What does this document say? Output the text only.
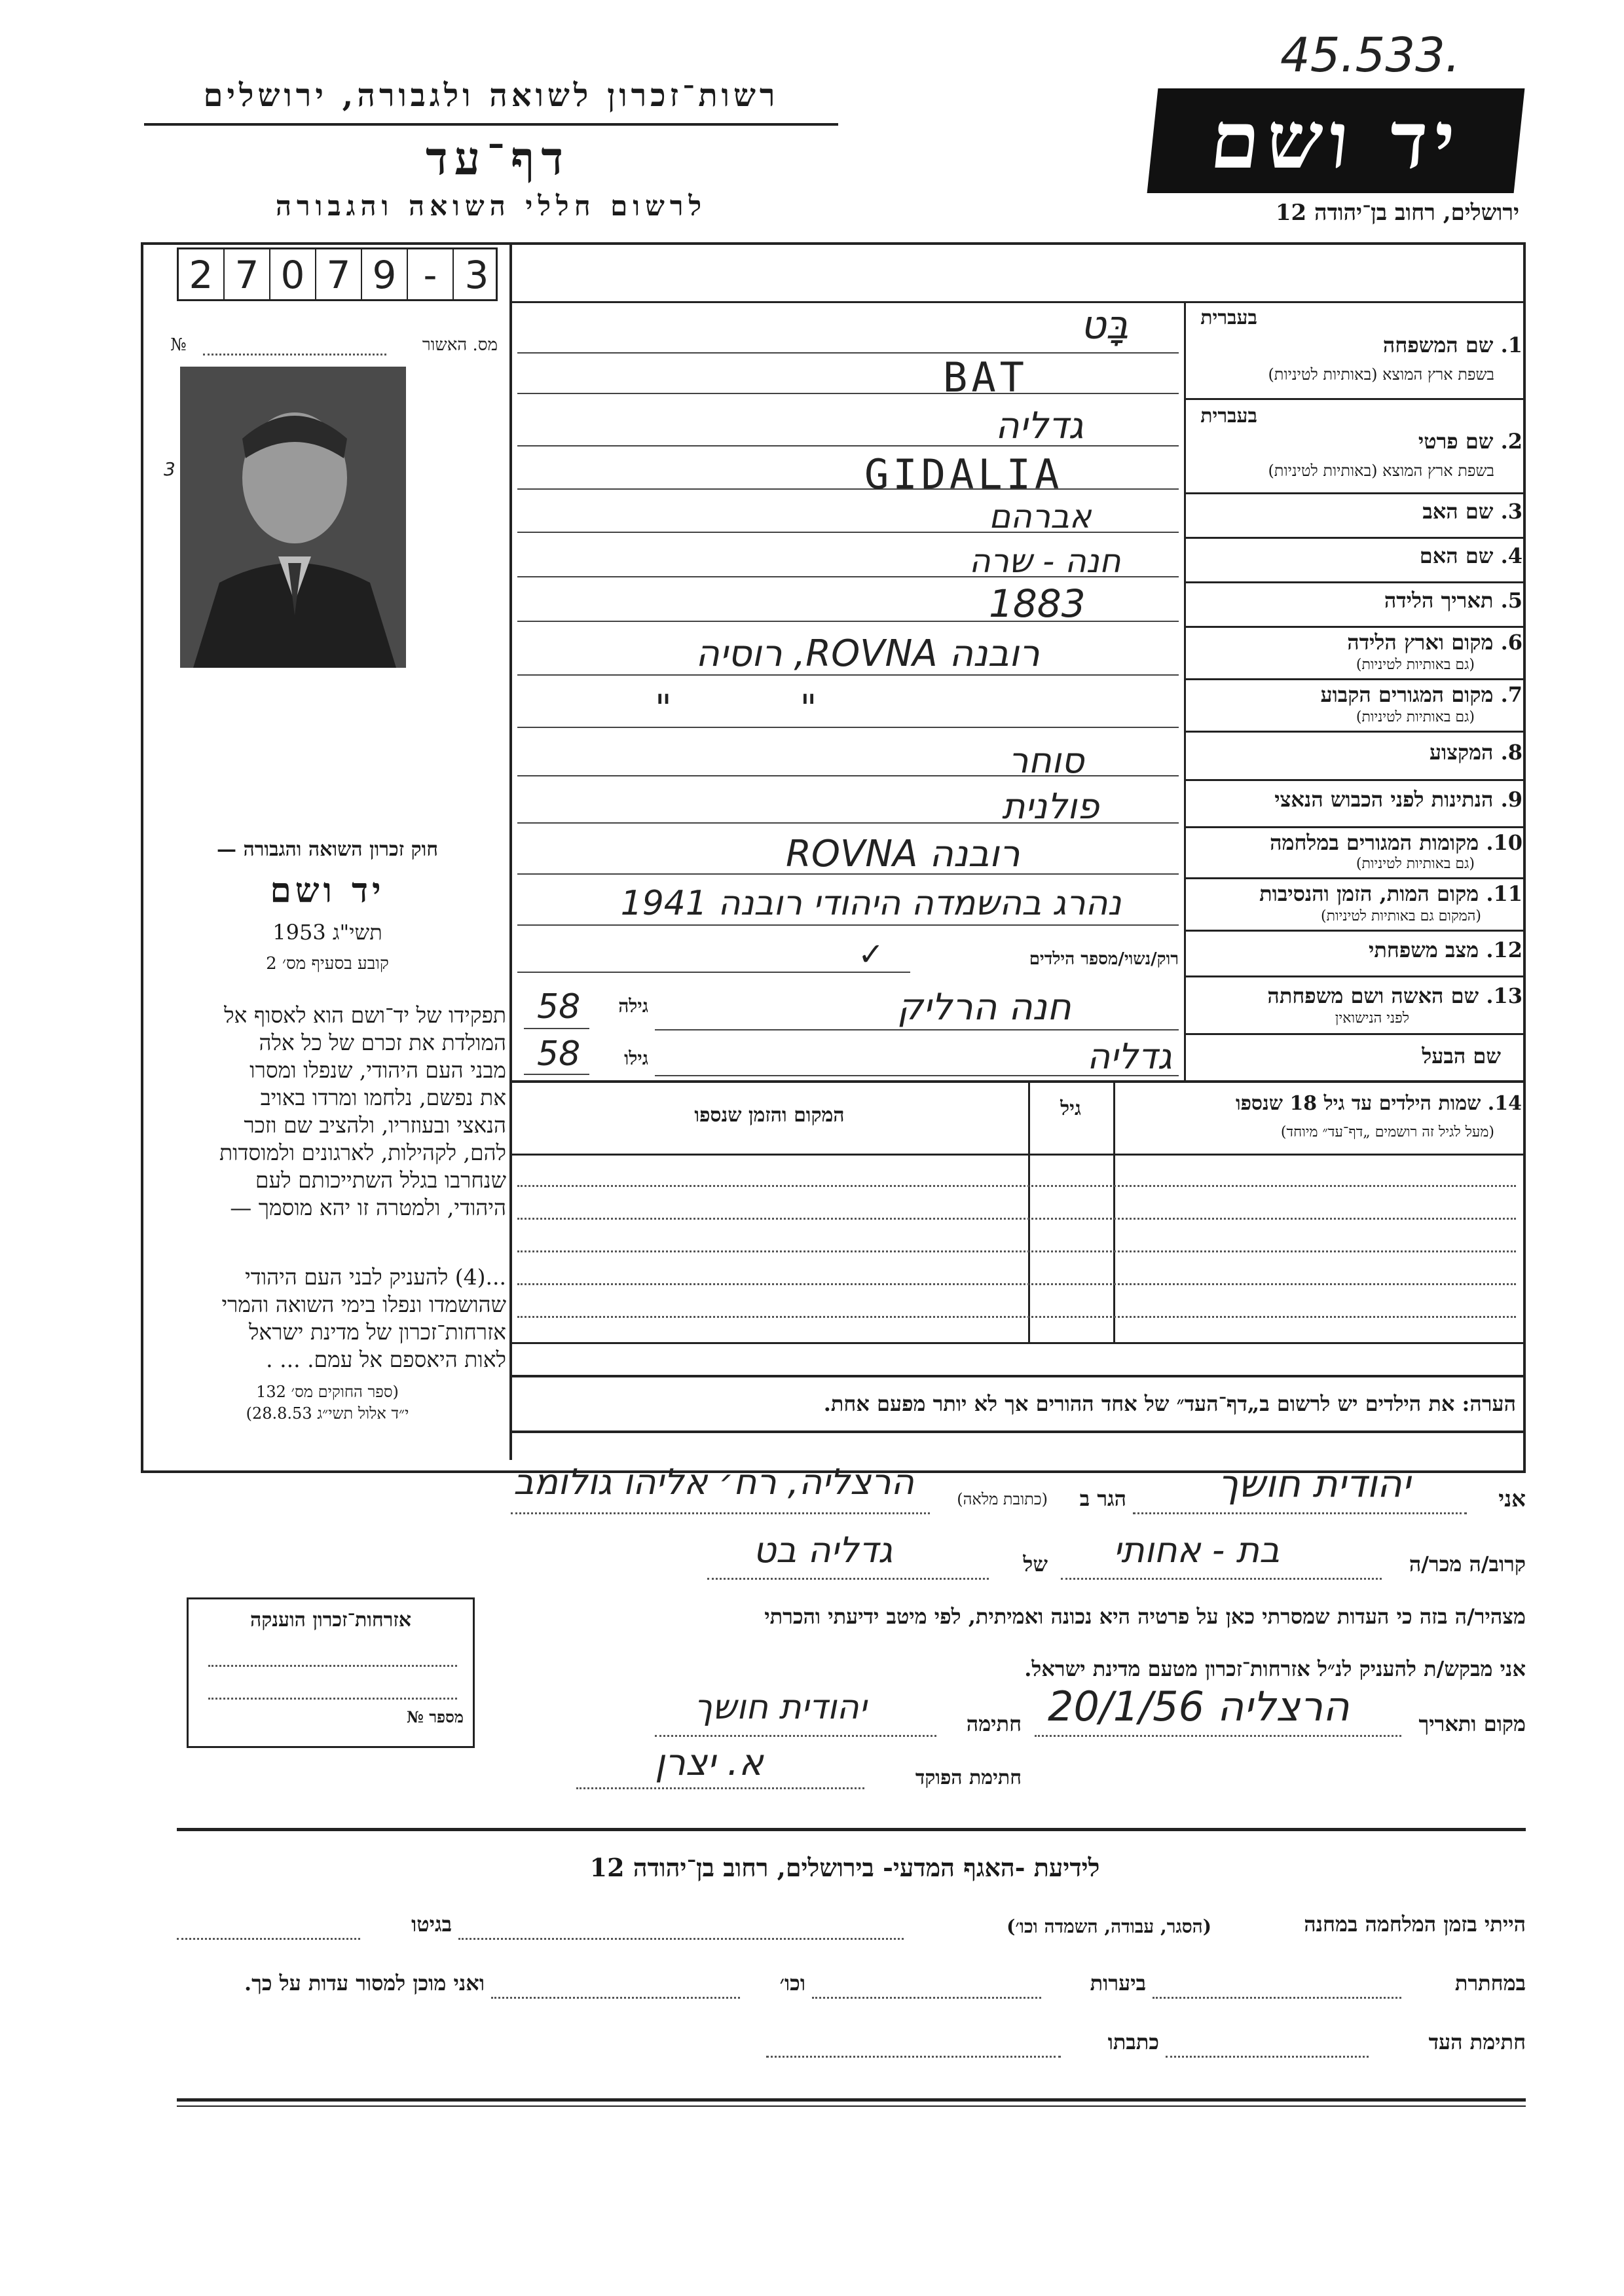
45.533.
רשות־זכרון לשואה ולגבורה, ירושלים
דף־עד
לרשום חללי השואה והגבורה
יד ושם
ירושלים, רחוב בן־יהודה 12
2 7 0 7 9 - 3
מס. האשור
№
3
חוק זכרון השואה והגבורה —
יד ושם
תשי"ג 1953
קובע בסעיף מס׳ 2
תפקידו של יד־ושם הוא לאסוף אל
המולדת את זכרם של כל אלה
מבני העם היהודי, שנפלו ומסרו
את נפשם, נלחמו ומרדו באויב
הנאצי ובעוזריו, ולהציב שם וזכר
להם, לקהילות, לארגונים ולמוסדות
שנחרבו בגלל השתייכותם לעם
היהודי, ולמטרה זו יהא מוסמך —
...(4) להעניק לבני העם היהודי
שהושמדו ונפלו בימי השואה והמרי
אזרחות־זכרון של מדינת ישראל
לאות היאספם אל עמם. ... .
(ספר החוקים מס׳ 132
י״ד אלול תשי״ג 28.8.53)
בעברית
1. שם המשפחה
בשפת ארץ המוצא (באותיות לטיניות)
בָּט
BAT
בעברית
2. שם פרטי
בשפת ארץ המוצא (באותיות לטיניות)
גדליה
GIDALIA
3. שם האב
אברהם
4. שם האם
חנה - שרה
5. תאריך הלידה
1883
6. מקום וארץ הלידה
(גם באותיות לטיניות)
רובנה ROVNA, רוסיה
7. מקום המגורים הקבוע
(גם באותיות לטיניות)
"           "
8. המקצוע
סוחר
9. הנתינות לפני הכבוש הנאצי
פולנית
10. מקומות המגורים במלחמה
(גם באותיות לטיניות)
רובנה ROVNA
11. מקום המות, הזמן והנסיבות
(המקום גם באותיות לטיניות)
נהרג בהשמדה היהודי רובנה 1941
12. מצב משפחתי
רוק/נשוי/מספר הילדים
✓
13. שם האשה ושם משפחתה
לפני הנישואין
חנה הרליק
גילה
58
שם הבעל
גדליה
גילו
58
14. שמות הילדים עד גיל 18 שנספו
(מעל לגיל זה רושמים „דף־עד״ מיוחד)
גיל
המקום והזמן שנספו
הערה: את הילדים יש לרשום ב„דף־העד״ של אחד ההורים אך לא יותר מפעם אחת.
אני
יהודית חושך
הגר ב
(כתובת מלאה)
הרצליה, רח׳ אליהו גולומב
קרוב/ה מכר/ה
בת - אחותי
של
גדליה בט
מצהיר/ה בזה כי העדות שמסרתי כאן על פרטיה היא נכונה ואמיתית, לפי מיטב ידיעתי והכרתי
אני מבקש/ת להעניק לנ״ל אזרחות־זכרון מטעם מדינת ישראל.
מקום ותאריך
הרצליה 20/1/56
חתימה
יהודית חושך
חתימת הפוקד
א. יצרן
אזרחות־זכרון הוענקה
מספר №
לידיעת -האגף המדעי- בירושלים, רחוב בן־יהודה 12
הייתי בזמן המלחמה במחנה
(הסגר, עבודה, השמדה וכו׳)
בגיטו
במחתרת
ביערות
וכו׳
ואני מוכן למסור עדות על כך.
חתימת העד
כתבתו
